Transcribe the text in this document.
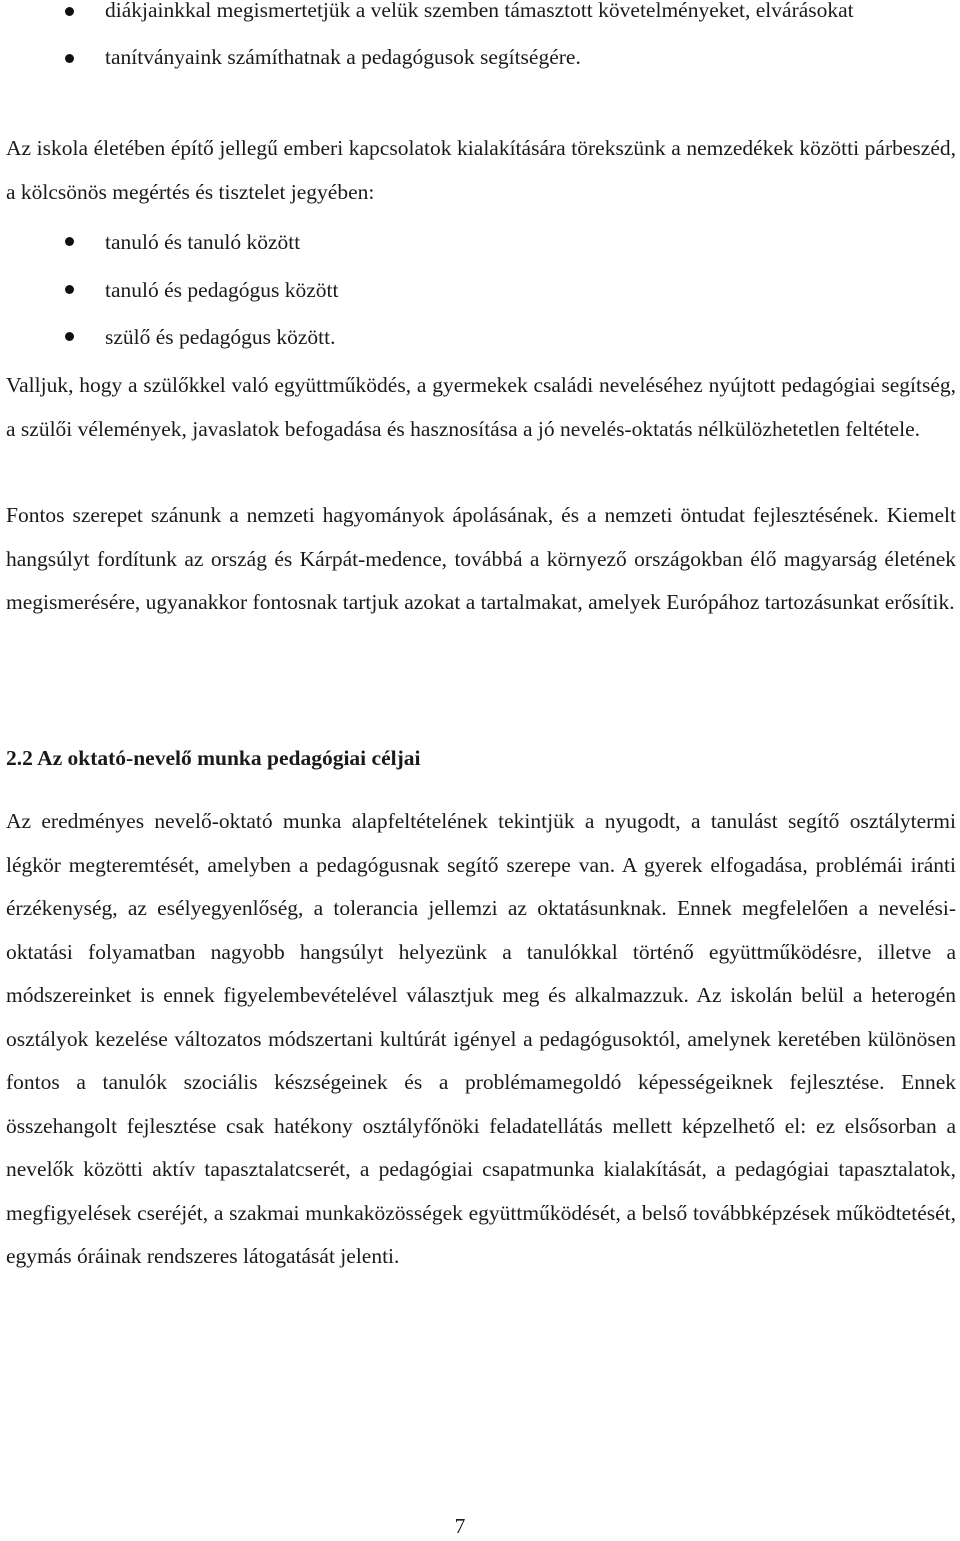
diákjainkkal megismertetjük a velük szemben támasztott követelményeket, elvárásokat
tanítványaink számíthatnak a pedagógusok segítségére.

Az iskola életében építő jellegű emberi kapcsolatok kialakítására törekszünk a nemzedékek közötti párbeszéd, a kölcsönös megértés és tisztelet jegyében:

tanuló és tanuló között
tanuló és pedagógus között
szülő és pedagógus között.

Valljuk, hogy a szülőkkel való együttműködés, a gyermekek családi neveléséhez nyújtott pedagógiai segítség, a szülői vélemények, javaslatok befogadása és hasznosítása a jó nevelés-oktatás nélkülözhetetlen feltétele.

Fontos szerepet szánunk a nemzeti hagyományok ápolásának, és a nemzeti öntudat fejlesztésének. Kiemelt hangsúlyt fordítunk az ország és Kárpát-medence, továbbá a környező országokban élő magyarság életének megismerésére, ugyanakkor fontosnak tartjuk azokat a tartalmakat, amelyek Európához tartozásunkat erősítik.

2.2 Az oktató-nevelő munka pedagógiai céljai

Az eredményes nevelő-oktató munka alapfeltételének tekintjük a nyugodt, a tanulást segítő osztálytermi légkör megteremtését, amelyben a pedagógusnak segítő szerepe van. A gyerek elfogadása, problémái iránti érzékenység, az esélyegyenlőség, a tolerancia jellemzi az oktatásunknak. Ennek megfelelően a nevelési-oktatási folyamatban nagyobb hangsúlyt helyezünk a tanulókkal történő együttműködésre, illetve a módszereinket is ennek figyelembevételével választjuk meg és alkalmazzuk. Az iskolán belül a heterogén osztályok kezelése változatos módszertani kultúrát igényel a pedagógusoktól, amelynek keretében különösen fontos a tanulók szociális készségeinek és a problémamegoldó képességeiknek fejlesztése. Ennek összehangolt fejlesztése csak hatékony osztályfőnöki feladatellátás mellett képzelhető el: ez elsősorban a nevelők közötti aktív tapasztalatcserét, a pedagógiai csapatmunka kialakítását, a pedagógiai tapasztalatok, megfigyelések cseréjét, a szakmai munkaközösségek együttműködését, a belső továbbképzések működtetését, egymás óráinak rendszeres látogatását jelenti.

7
